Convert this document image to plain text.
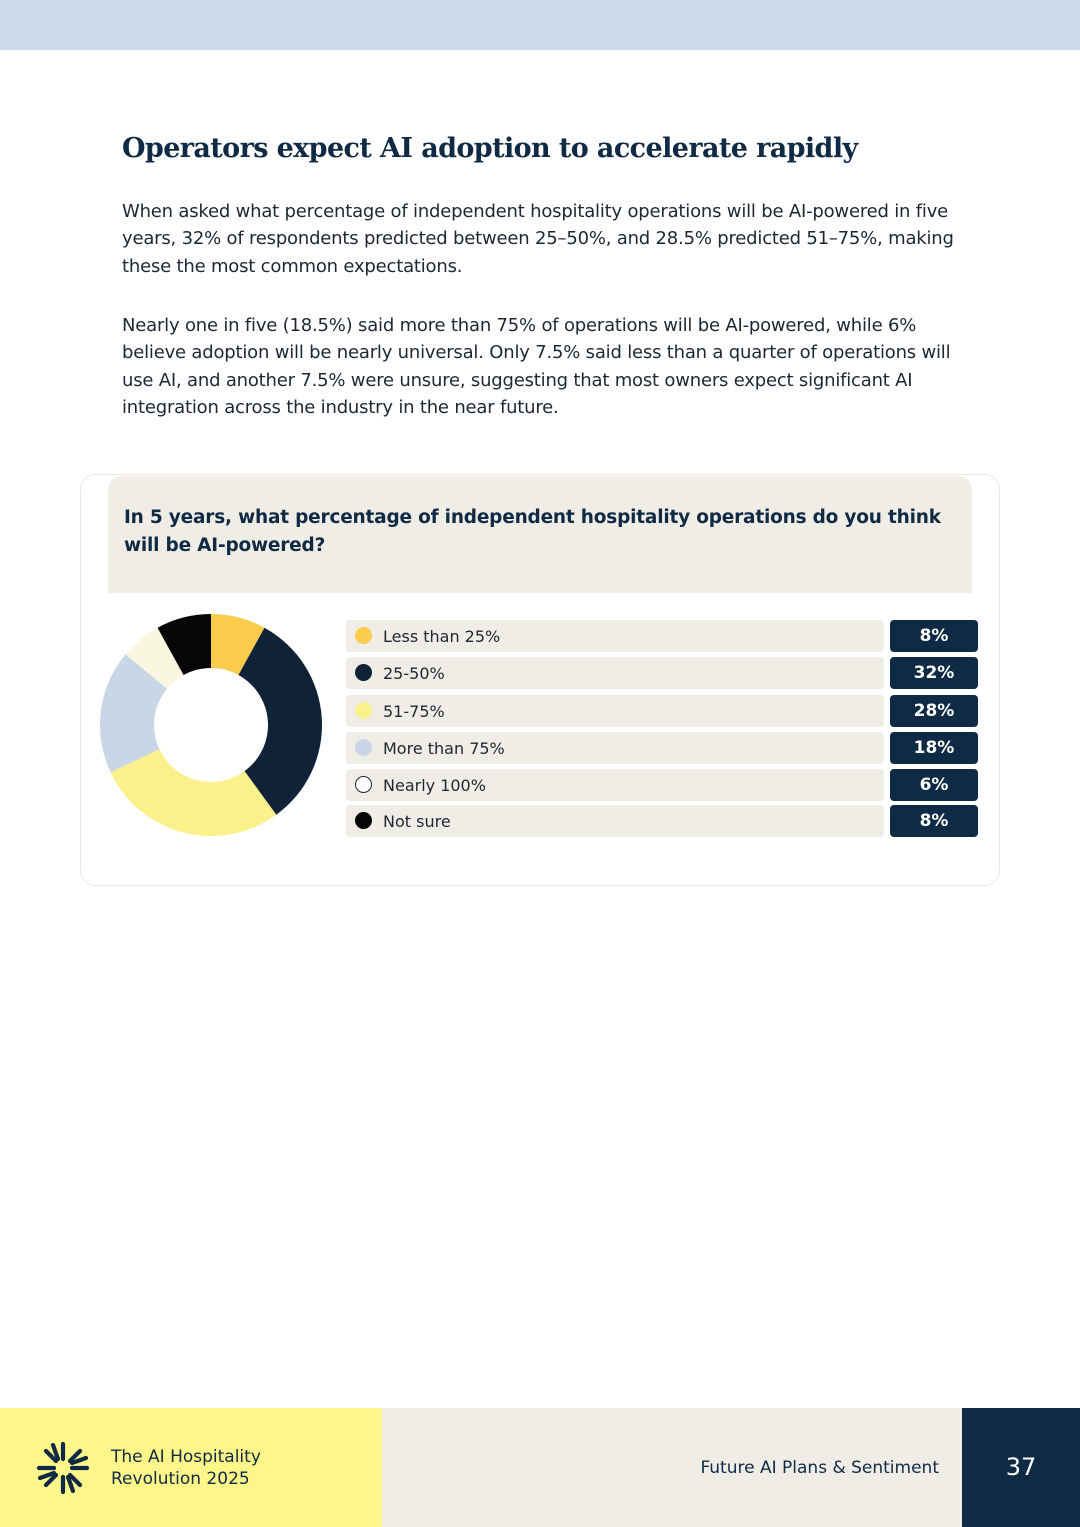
Operators expect AI adoption to accelerate rapidly

When asked what percentage of independent hospitality operations will be AI-powered in five years, 32% of respondents predicted between 25–50%, and 28.5% predicted 51–75%, making these the most common expectations.

Nearly one in five (18.5%) said more than 75% of operations will be AI-powered, while 6% believe adoption will be nearly universal. Only 7.5% said less than a quarter of operations will use AI, and another 7.5% were unsure, suggesting that most owners expect significant AI integration across the industry in the near future.

In 5 years, what percentage of independent hospitality operations do you think will be AI-powered?
Less than 25%	8%
25-50%	32%
51-75%	28%
More than 75%	18%
Nearly 100%	6%
Not sure	8%
The AI Hospitality
Revolution 2025
Future AI Plans & Sentiment	37
